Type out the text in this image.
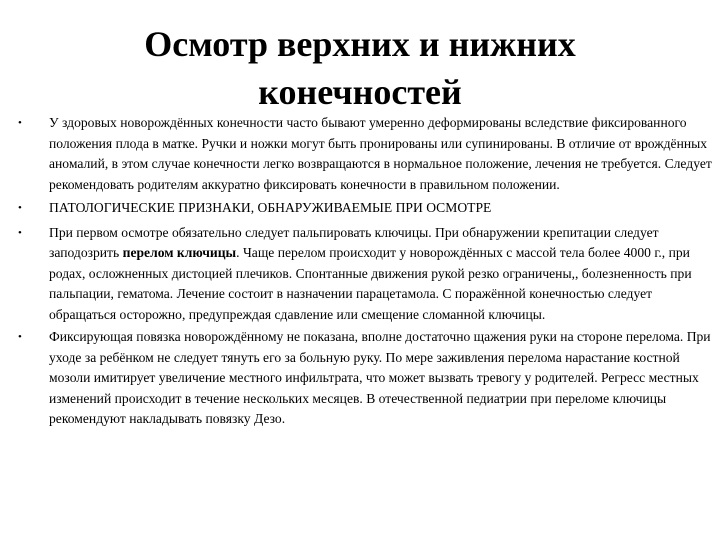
Осмотр верхних и нижних
конечностей
• У здоровых новорождённых конечности часто бывают умеренно деформированы вследствие фиксированного положения плода в матке. Ручки и ножки могут быть пронированы или супинированы. В отличие от врождённых аномалий, в этом случае конечности легко возвращаются в нормальное положение, лечения не требуется. Следует рекомендовать родителям аккуратно фиксировать конечности в правильном положении.
• ПАТОЛОГИЧЕСКИЕ ПРИЗНАКИ, ОБНАРУЖИВАЕМЫЕ ПРИ ОСМОТРЕ
• При первом осмотре обязательно следует пальпировать ключицы. При обнаружении крепитации следует заподозрить перелом ключицы. Чаще перелом происходит у новорождённых с массой тела более 4000 г., при родах, осложненных дистоцией плечиков. Спонтанные движения рукой резко ограничены,, болезненность при пальпации, гематома. Лечение состоит в назначении парацетамола. С поражённой конечностью следует обращаться осторожно, предупреждая сдавление или смещение сломанной ключицы.
• Фиксирующая повязка новорождённому не показана, вполне достаточно щажения руки на стороне перелома. При уходе за ребёнком не следует тянуть его за больную руку. По мере заживления перелома нарастание костной мозоли имитирует увеличение местного инфильтрата, что может вызвать тревогу у родителей. Регресс местных изменений происходит в течение нескольких месяцев. В отечественной педиатрии при переломе ключицы рекомендуют накладывать повязку Дезо.
